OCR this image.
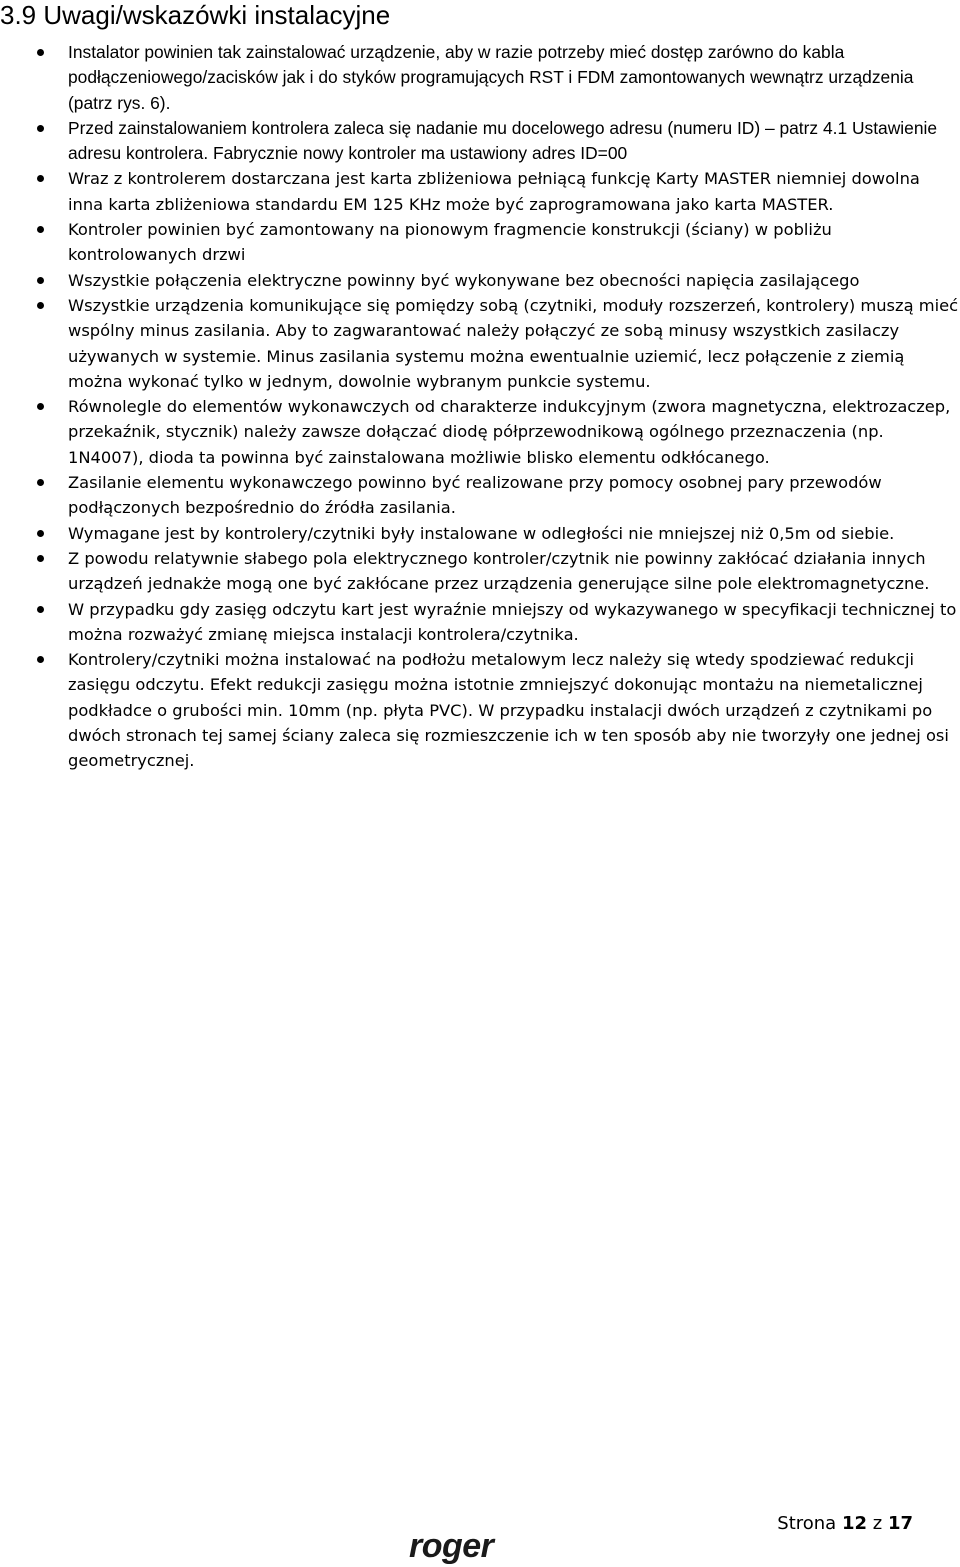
3.9 Uwagi/wskazówki instalacyjne
Instalator powinien tak zainstalować urządzenie, aby w razie potrzeby mieć dostęp zarówno do kabla podłączeniowego/zacisków jak i do styków programujących RST i FDM zamontowanych wewnątrz urządzenia (patrz rys. 6).
Przed zainstalowaniem kontrolera zaleca się nadanie mu docelowego adresu (numeru ID) – patrz 4.1 Ustawienie adresu kontrolera. Fabrycznie nowy kontroler ma ustawiony adres ID=00
Wraz z kontrolerem dostarczana jest karta zbliżeniowa pełniącą funkcję Karty MASTER niemniej dowolna inna karta zbliżeniowa standardu EM 125 KHz może być zaprogramowana jako karta MASTER.
Kontroler powinien być zamontowany na pionowym fragmencie konstrukcji (ściany) w pobliżu kontrolowanych drzwi
Wszystkie połączenia elektryczne powinny być wykonywane bez obecności napięcia zasilającego
Wszystkie urządzenia komunikujące się pomiędzy sobą (czytniki, moduły rozszerzeń, kontrolery) muszą mieć wspólny minus zasilania. Aby to zagwarantować należy połączyć ze sobą minusy wszystkich zasilaczy używanych w systemie. Minus zasilania systemu można ewentualnie uziemić, lecz połączenie z ziemią można wykonać tylko w jednym, dowolnie wybranym punkcie systemu.
Równolegle do elementów wykonawczych od charakterze indukcyjnym (zwora magnetyczna, elektrozaczep, przekaźnik, stycznik) należy zawsze dołączać diodę półprzewodnikową ogólnego przeznaczenia (np. 1N4007), dioda ta powinna być zainstalowana możliwie blisko elementu odkłócanego.
Zasilanie elementu wykonawczego powinno być realizowane przy pomocy osobnej pary przewodów podłączonych bezpośrednio do źródła zasilania.
Wymagane jest by kontrolery/czytniki były instalowane w odległości nie mniejszej niż 0,5m od siebie.
Z powodu relatywnie słabego pola elektrycznego kontroler/czytnik nie powinny zakłócać działania innych urządzeń jednakże mogą one być zakłócane przez urządzenia generujące silne pole elektromagnetyczne.
W przypadku gdy zasięg odczytu kart jest wyraźnie mniejszy od wykazywanego w specyfikacji technicznej to można rozważyć zmianę miejsca instalacji kontrolera/czytnika.
Kontrolery/czytniki można instalować na podłożu metalowym lecz należy się wtedy spodziewać redukcji zasięgu odczytu. Efekt redukcji zasięgu można istotnie zmniejszyć dokonując montażu na niemetalicznej podkładce o grubości min. 10mm (np. płyta PVC). W przypadku instalacji dwóch urządzeń z czytnikami po dwóch stronach tej samej ściany zaleca się rozmieszczenie ich w ten sposób aby nie tworzyły one jednej osi geometrycznej.
Strona 12 z 17
roger
